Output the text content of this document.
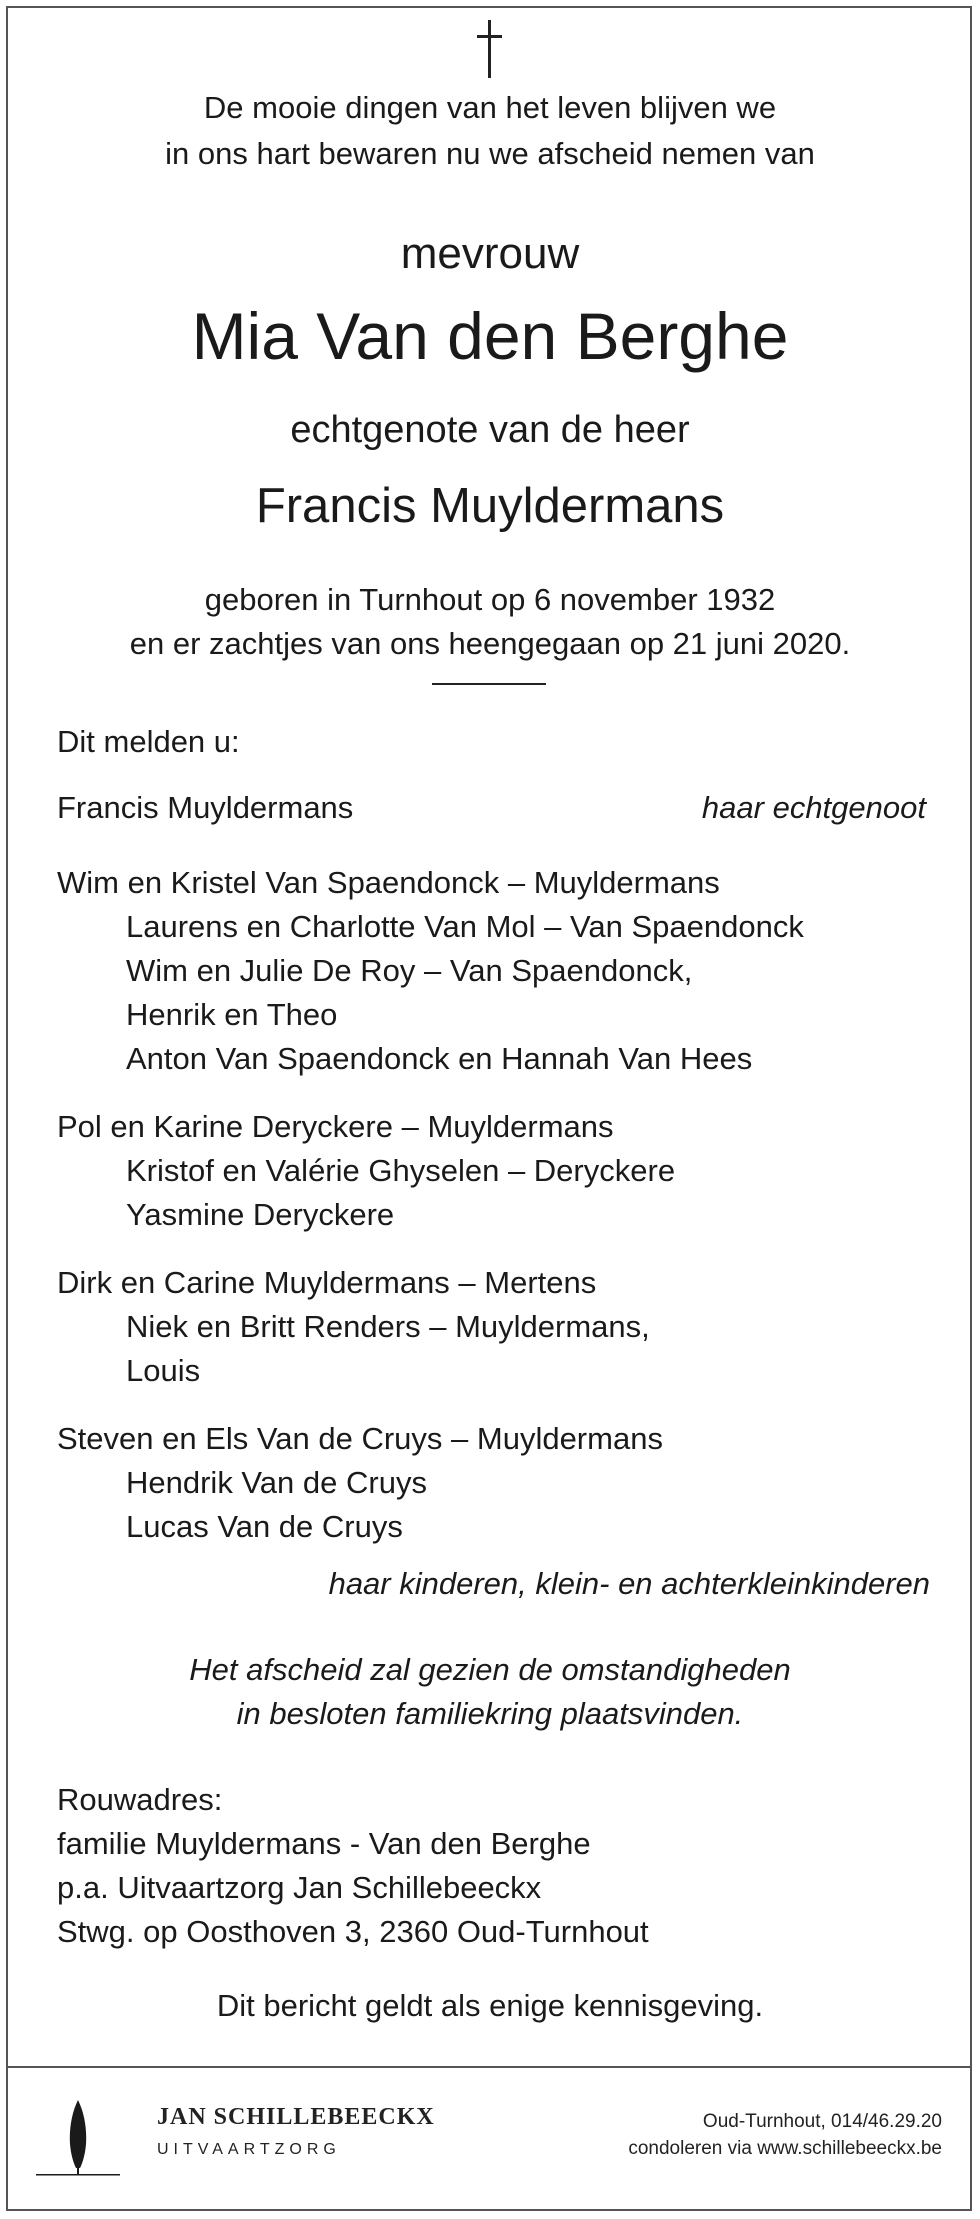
De mooie dingen van het leven blijven we
in ons hart bewaren nu we afscheid nemen van
mevrouw
Mia Van den Berghe
echtgenote van de heer
Francis Muyldermans
geboren in Turnhout op 6 november 1932
en er zachtjes van ons heengegaan op 21 juni 2020.
Dit melden u:
Francis Muyldermans	haar echtgenoot
Wim en Kristel Van Spaendonck – Muyldermans
Laurens en Charlotte Van Mol – Van Spaendonck
Wim en Julie De Roy – Van Spaendonck,
Henrik en Theo
Anton Van Spaendonck en Hannah Van Hees
Pol en Karine Deryckere – Muyldermans
Kristof en Valérie Ghyselen – Deryckere
Yasmine Deryckere
Dirk en Carine Muyldermans – Mertens
Niek en Britt Renders – Muyldermans,
Louis
Steven en Els Van de Cruys – Muyldermans
Hendrik Van de Cruys
Lucas Van de Cruys
haar kinderen, klein- en achterkleinkinderen
Het afscheid zal gezien de omstandigheden
in besloten familiekring plaatsvinden.
Rouwadres:
familie Muyldermans - Van den Berghe
p.a. Uitvaartzorg Jan Schillebeeckx
Stwg. op Oosthoven 3, 2360 Oud-Turnhout
Dit bericht geldt als enige kennisgeving.
JAN SCHILLEBEECKX
UITVAARTZORG
Oud-Turnhout, 014/46.29.20
condoleren via www.schillebeeckx.be
